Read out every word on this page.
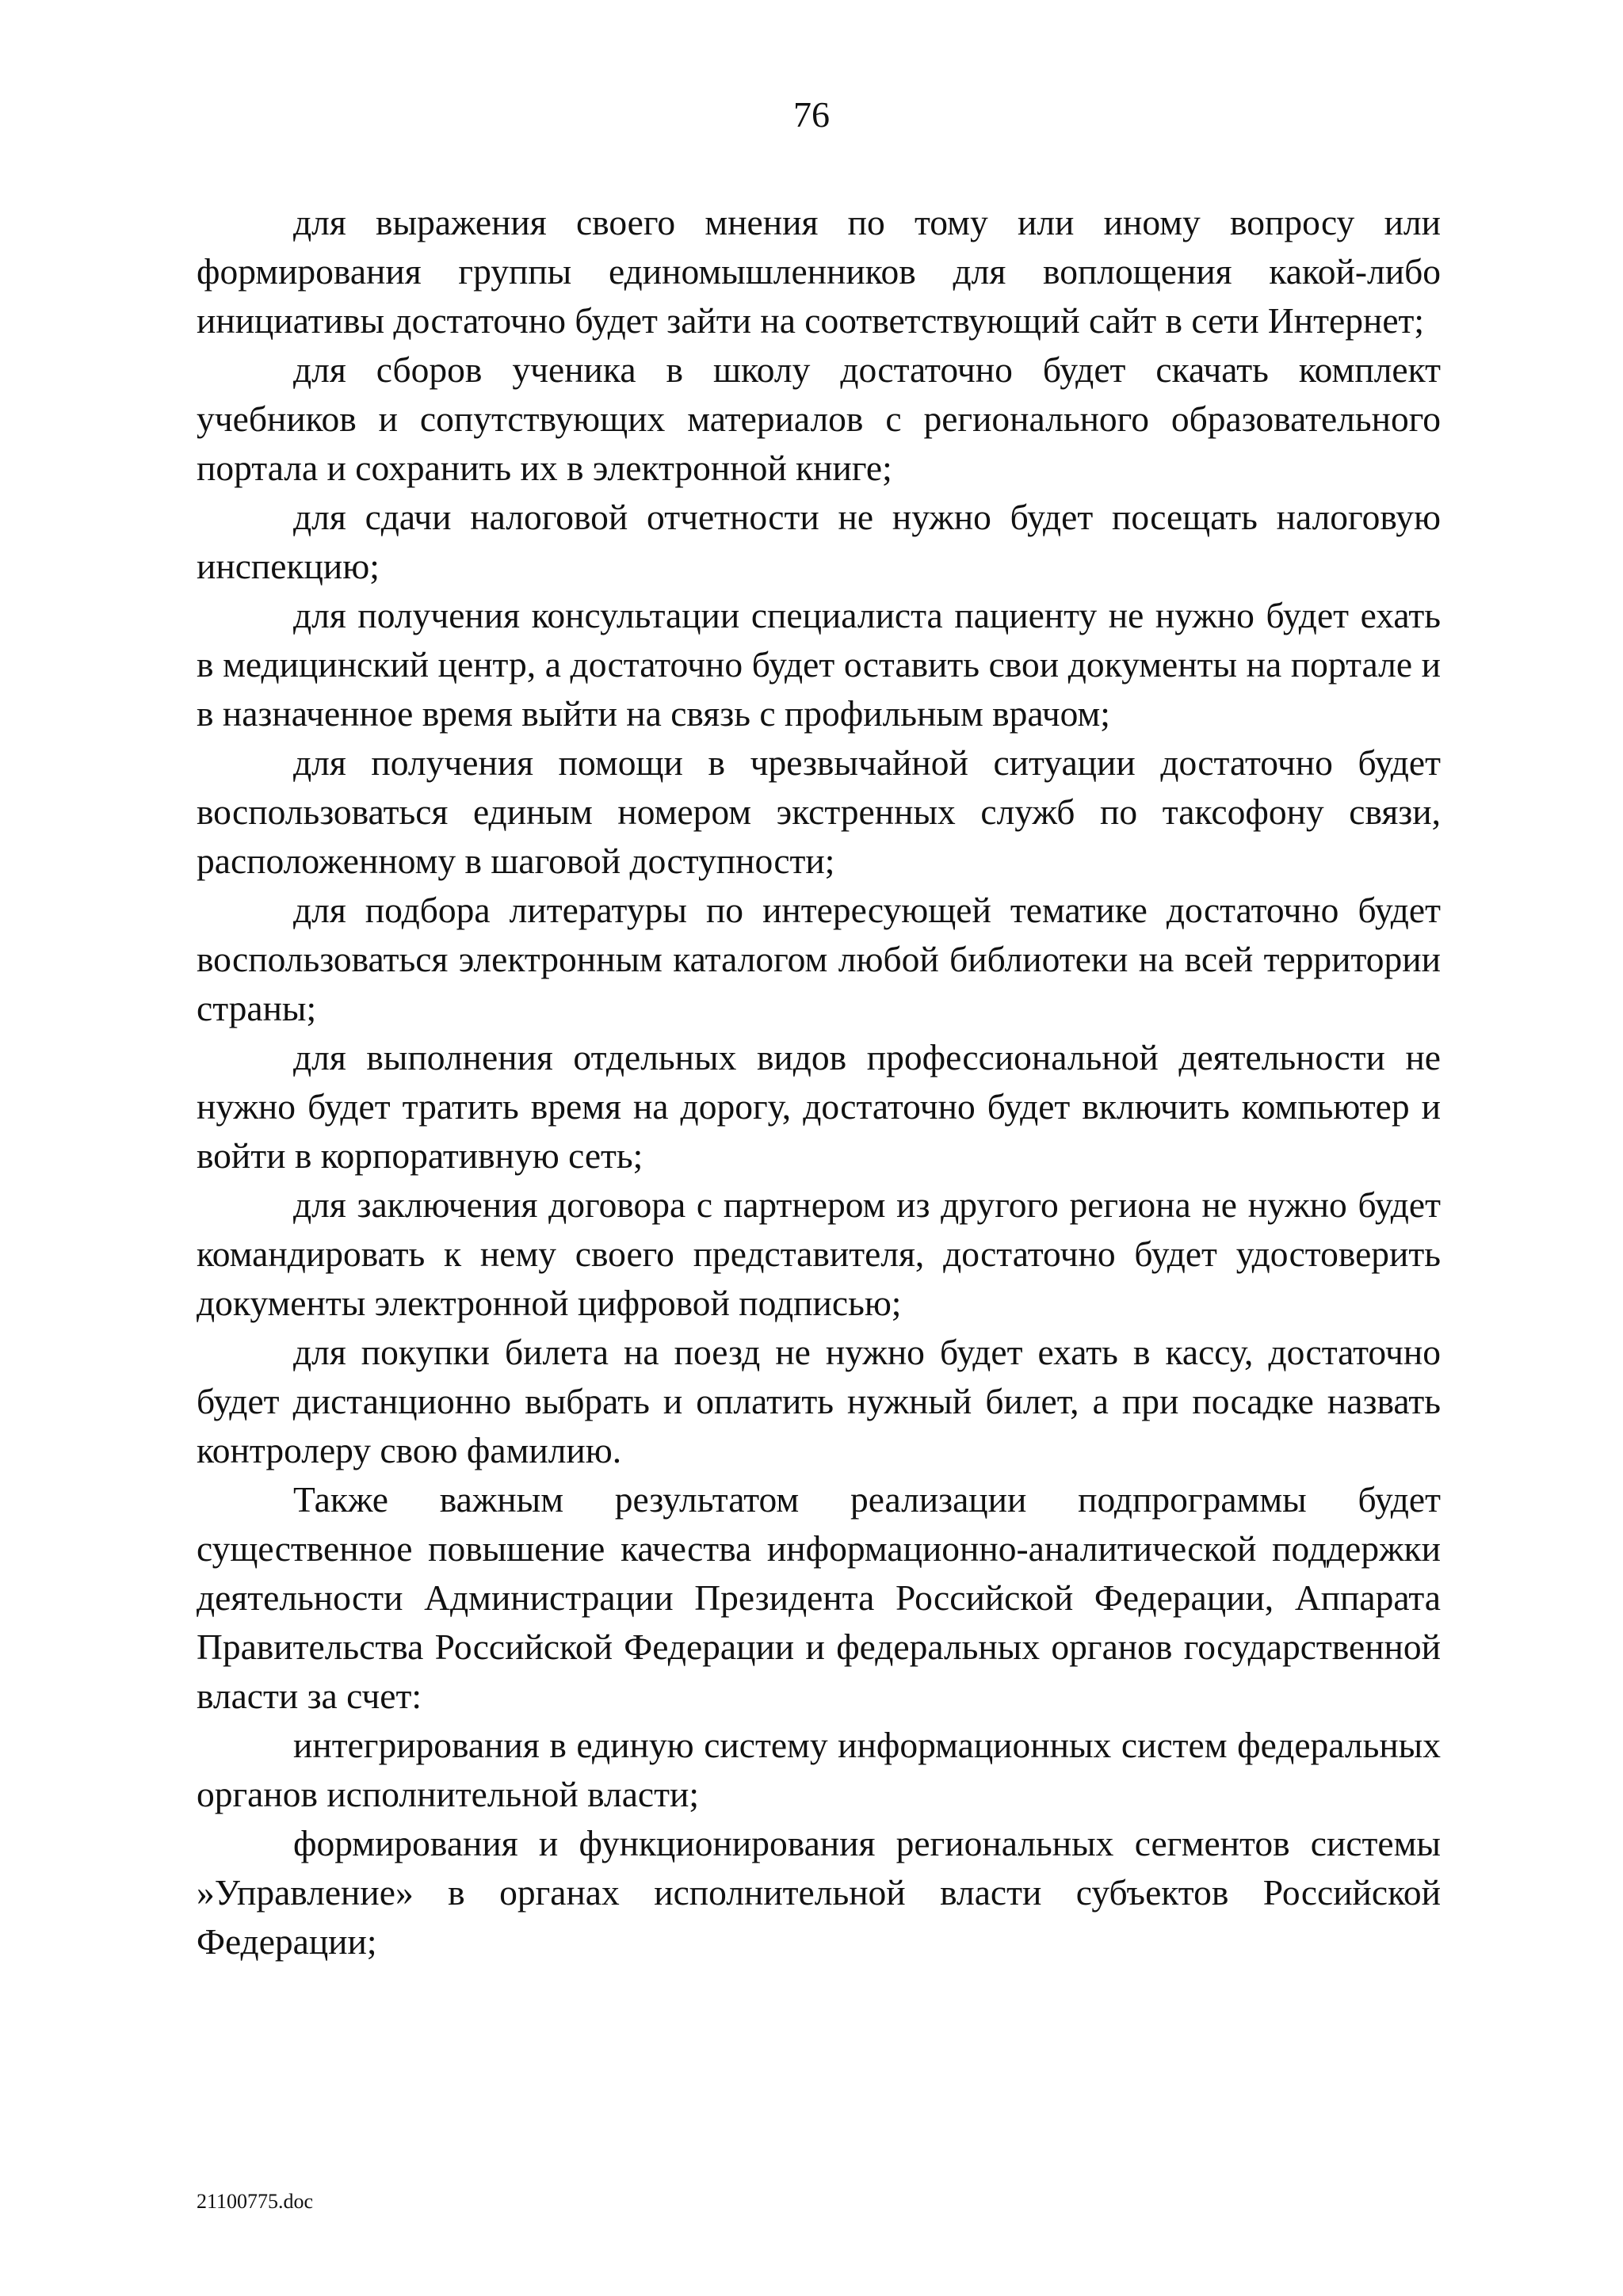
76

для выражения своего мнения по тому или иному вопросу или формирования группы единомышленников для воплощения какой-либо инициативы достаточно будет зайти на соответствующий сайт в сети Интернет;

для сборов ученика в школу достаточно будет скачать комплект учебников и сопутствующих материалов с регионального образовательного портала и сохранить их в электронной книге;

для сдачи налоговой отчетности не нужно будет посещать налоговую инспекцию;

для получения консультации специалиста пациенту не нужно будет ехать в медицинский центр, а достаточно будет оставить свои документы на портале и в назначенное время выйти на связь с профильным врачом;

для получения помощи в чрезвычайной ситуации достаточно будет воспользоваться единым номером экстренных служб по таксофону связи, расположенному в шаговой доступности;

для подбора литературы по интересующей тематике достаточно будет воспользоваться электронным каталогом любой библиотеки на всей территории страны;

для выполнения отдельных видов профессиональной деятельности не нужно будет тратить время на дорогу, достаточно будет включить компьютер и войти в корпоративную сеть;

для заключения договора с партнером из другого региона не нужно будет командировать к нему своего представителя, достаточно будет удостоверить документы электронной цифровой подписью;

для покупки билета на поезд не нужно будет ехать в кассу, достаточно будет дистанционно выбрать и оплатить нужный билет, а при посадке назвать контролеру свою фамилию.

Также важным результатом реализации подпрограммы будет существенное повышение качества информационно-аналитической поддержки деятельности Администрации Президента Российской Федерации, Аппарата Правительства Российской Федерации и федеральных органов государственной власти за счет:

интегрирования в единую систему информационных систем федеральных органов исполнительной власти;

формирования и функционирования региональных сегментов системы »Управление» в органах исполнительной власти субъектов Российской Федерации;

21100775.doc
